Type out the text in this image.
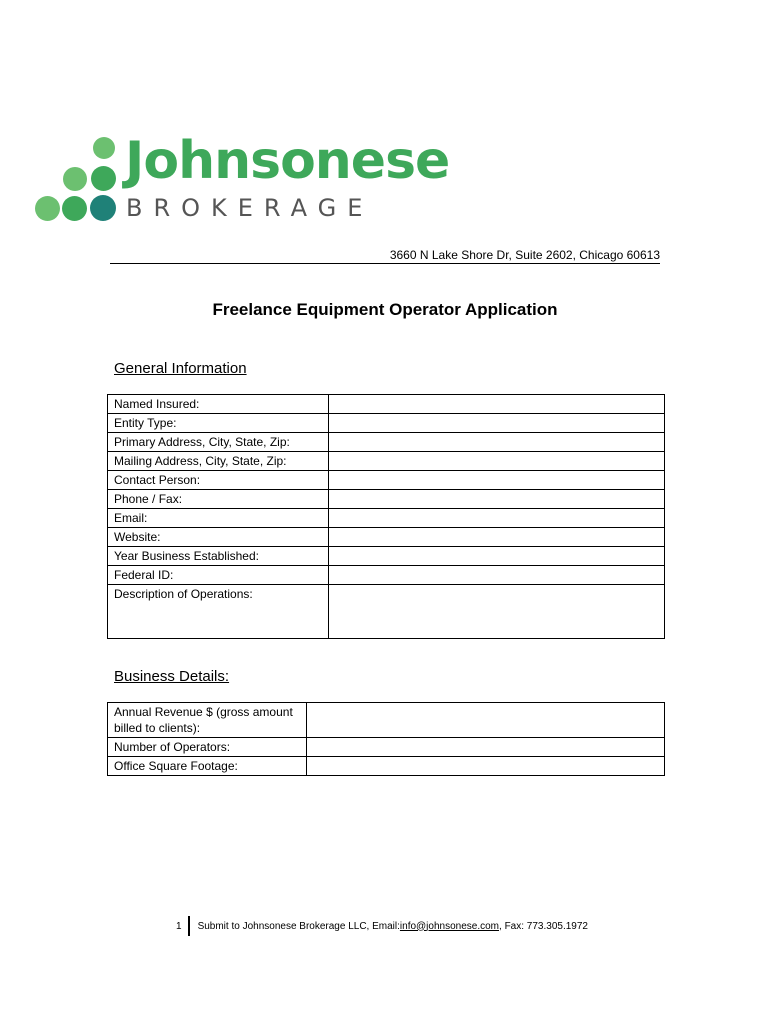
Johnsonese
BROKERAGE
3660 N Lake Shore Dr, Suite 2602, Chicago 60613
Freelance Equipment Operator Application
General Information
Named Insured:	
Entity Type:	
Primary Address, City, State, Zip:	
Mailing Address, City, State, Zip:	
Contact Person:	
Phone / Fax:	
Email:	
Website:	
Year Business Established:	
Federal ID:	
Description of Operations:	
Business Details:
Annual Revenue $ (gross amount billed to clients):	
Number of Operators:	
Office Square Footage:	
1 Submit to Johnsonese Brokerage LLC, Email: info@johnsonese.com , Fax: 773.305.1972
